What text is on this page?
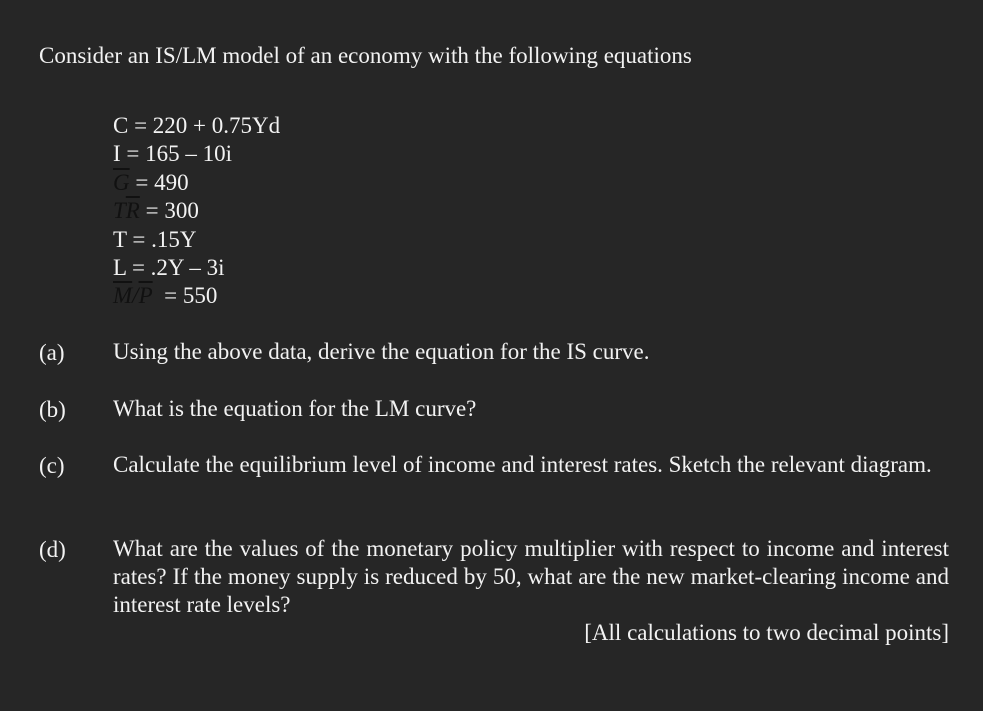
Consider an IS/LM model of an economy with the following equations
C = 220 + 0.75Yd
I = 165 – 10i
$\overline{G} = 490$
$T\overline{R} = 300$
T = .15Y
L = .2Y – 3i
$\overline{M}/\overline{P} = 550$
(a) Using the above data, derive the equation for the IS curve.
(b) What is the equation for the LM curve?
(c) Calculate the equilibrium level of income and interest rates. Sketch the relevant diagram.
(d) What are the values of the monetary policy multiplier with respect to income and interest rates? If the money supply is reduced by 50, what are the new market-clearing income and interest rate levels?
[All calculations to two decimal points]
